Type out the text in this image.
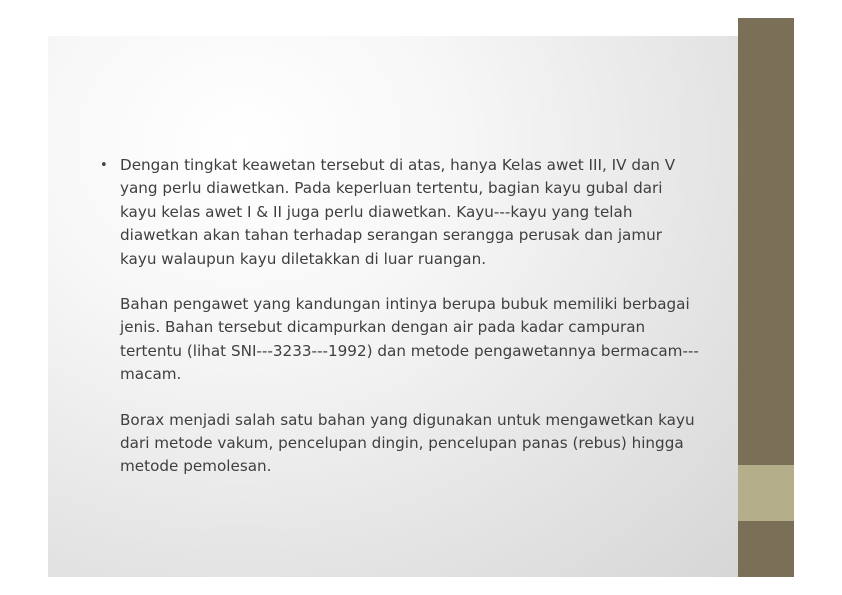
• Dengan tingkat keawetan tersebut di atas, hanya Kelas awet III, IV dan V yang perlu diawetkan. Pada keperluan tertentu, bagian kayu gubal dari kayu kelas awet I & II juga perlu diawetkan. Kayu---kayu yang telah diawetkan akan tahan terhadap serangan serangga perusak dan jamur kayu walaupun kayu diletakkan di luar ruangan.

Bahan pengawet yang kandungan intinya berupa bubuk memiliki berbagai jenis. Bahan tersebut dicampurkan dengan air pada kadar campuran tertentu (lihat SNI---3233---1992) dan metode pengawetannya bermacam---macam.

Borax menjadi salah satu bahan yang digunakan untuk mengawetkan kayu dari metode vakum, pencelupan dingin, pencelupan panas (rebus) hingga metode pemolesan.
